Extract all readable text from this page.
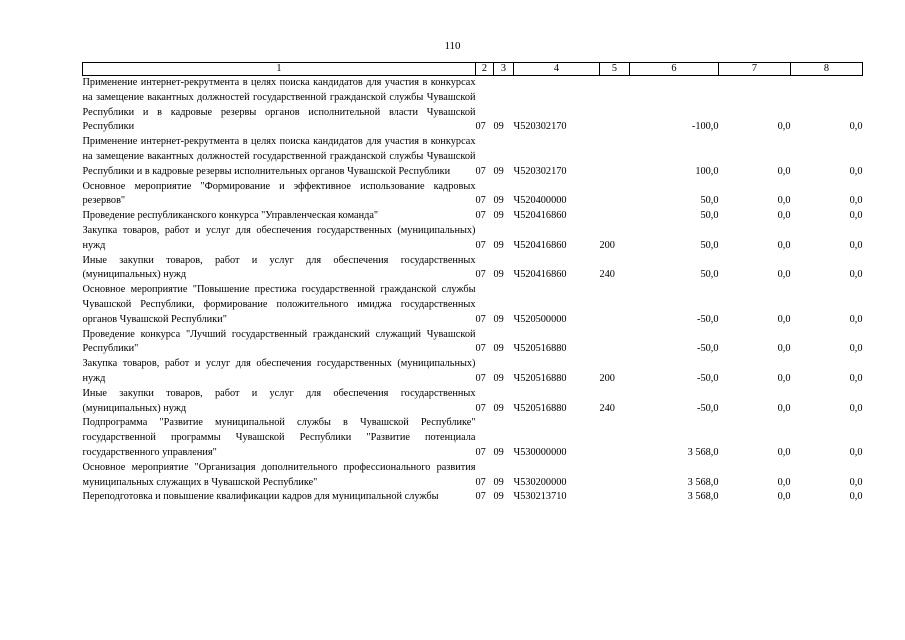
110
1	2	3	4	5	6	7	8
Применение интернет-рекрутмента в целях поиска кандидатов для участия в конкурсах на замещение вакантных должностей государственной гражданской службы Чувашской Республики и в кадровые резервы органов исполнительной власти Чувашской Республики	07	09	Ч520302170		-100,0	0,0	0,0
Применение интернет-рекрутмента в целях поиска кандидатов для участия в конкурсах на замещение вакантных должностей государственной гражданской службы Чувашской Республики и в кадровые резервы исполнительных органов Чувашской Республики	07	09	Ч520302170		100,0	0,0	0,0
Основное мероприятие "Формирование и эффективное использование кадровых резервов"	07	09	Ч520400000		50,0	0,0	0,0
Проведение республиканского конкурса "Управленческая команда"	07	09	Ч520416860		50,0	0,0	0,0
Закупка товаров, работ и услуг для обеспечения государственных (муниципальных) нужд	07	09	Ч520416860	200	50,0	0,0	0,0
Иные закупки товаров, работ и услуг для обеспечения государственных (муниципальных) нужд	07	09	Ч520416860	240	50,0	0,0	0,0
Основное мероприятие "Повышение престижа государственной гражданской службы Чувашской Республики, формирование положительного имиджа государственных органов Чувашской Республики"	07	09	Ч520500000		-50,0	0,0	0,0
Проведение конкурса "Лучший государственный гражданский служащий Чувашской Республики"	07	09	Ч520516880		-50,0	0,0	0,0
Закупка товаров, работ и услуг для обеспечения государственных (муниципальных) нужд	07	09	Ч520516880	200	-50,0	0,0	0,0
Иные закупки товаров, работ и услуг для обеспечения государственных (муниципальных) нужд	07	09	Ч520516880	240	-50,0	0,0	0,0
Подпрограмма "Развитие муниципальной службы в Чувашской Республике" государственной программы Чувашской Республики "Развитие потенциала государственного управления"	07	09	Ч530000000		3 568,0	0,0	0,0
Основное мероприятие "Организация дополнительного профессионального развития муниципальных служащих в Чувашской Республике"	07	09	Ч530200000		3 568,0	0,0	0,0
Переподготовка и повышение квалификации кадров для муниципальной службы	07	09	Ч530213710		3 568,0	0,0	0,0
